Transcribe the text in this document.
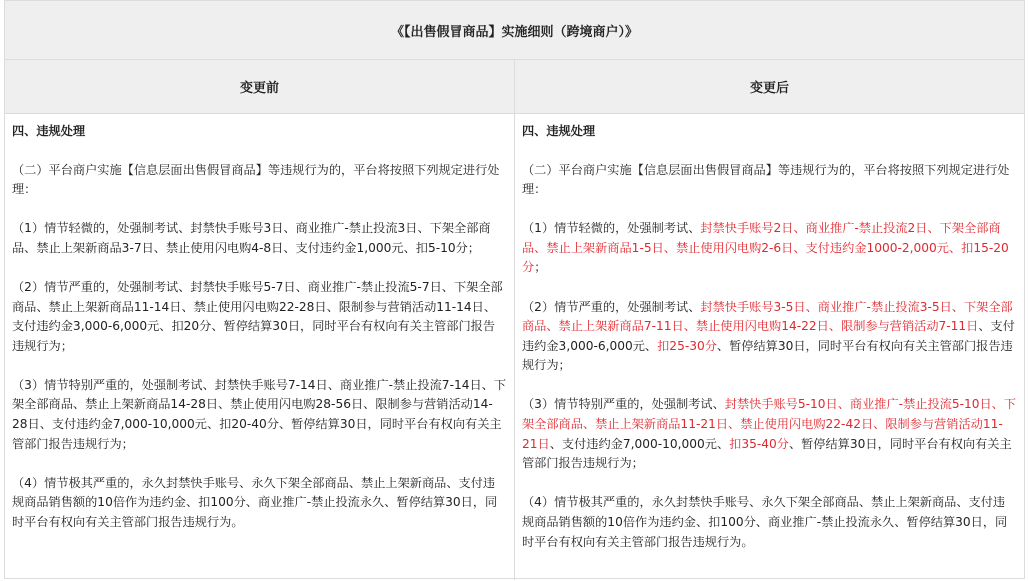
《【出售假冒商品】实施细则（跨境商户）》
变更前	变更后
四、违规处理
（二）平台商户实施【信息层面出售假冒商品】等违规行为的，平台将按照下列规定进行处理：
（1）情节轻微的，处强制考试、封禁快手账号3日、商业推广-禁止投流3日、下架全部商品、禁止上架新商品3-7日、禁止使用闪电购4-8日、支付违约金1,000元、扣5-10分；
（2）情节严重的，处强制考试、封禁快手账号5-7日、商业推广-禁止投流5-7日、下架全部商品、禁止上架新商品11-14日、禁止使用闪电购22-28日、限制参与营销活动11-14日、支付违约金3,000-6,000元、扣20分、暂停结算30日，同时平台有权向有关主管部门报告违规行为；
（3）情节特别严重的，处强制考试、封禁快手账号7-14日、商业推广-禁止投流7-14日、下架全部商品、禁止上架新商品14-28日、禁止使用闪电购28-56日、限制参与营销活动14-28日、支付违约金7,000-10,000元、扣20-40分、暂停结算30日，同时平台有权向有关主管部门报告违规行为；
（4）情节极其严重的，永久封禁快手账号、永久下架全部商品、禁止上架新商品、支付违规商品销售额的10倍作为违约金、扣100分、商业推广-禁止投流永久、暂停结算30日，同时平台有权向有关主管部门报告违规行为。
四、违规处理
（二）平台商户实施【信息层面出售假冒商品】等违规行为的，平台将按照下列规定进行处理：
（1）情节轻微的，处强制考试、封禁快手账号2日、商业推广-禁止投流2日、下架全部商品、禁止上架新商品1-5日、禁止使用闪电购2-6日、支付违约金1000-2,000元、扣15-20分；
（2）情节严重的，处强制考试、封禁快手账号3-5日、商业推广-禁止投流3-5日、下架全部商品、禁止上架新商品7-11日、禁止使用闪电购14-22日、限制参与营销活动7-11日、支付违约金3,000-6,000元、扣25-30分、暂停结算30日，同时平台有权向有关主管部门报告违规行为；
（3）情节特别严重的，处强制考试、封禁快手账号5-10日、商业推广-禁止投流5-10日、下架全部商品、禁止上架新商品11-21日、禁止使用闪电购22-42日、限制参与营销活动11-21日、支付违约金7,000-10,000元、扣35-40分、暂停结算30日，同时平台有权向有关主管部门报告违规行为；
（4）情节极其严重的，永久封禁快手账号、永久下架全部商品、禁止上架新商品、支付违规商品销售额的10倍作为违约金、扣100分、商业推广-禁止投流永久、暂停结算30日，同时平台有权向有关主管部门报告违规行为。
